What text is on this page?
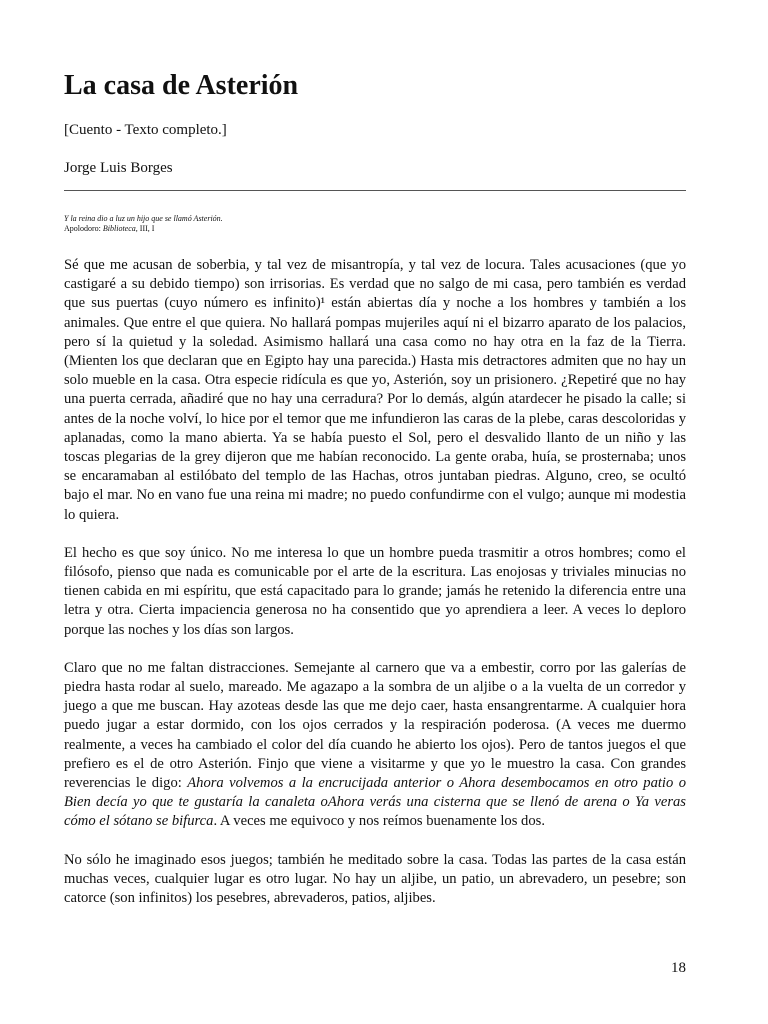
La casa de Asterión
[Cuento - Texto completo.]
Jorge Luis Borges
Y la reina dio a luz un hijo que se llamó Asterión.
Apolodoro: Biblioteca, III, I

Sé que me acusan de soberbia, y tal vez de misantropía, y tal vez de locura. Tales acusaciones (que yo castigaré a su debido tiempo) son irrisorias. Es verdad que no salgo de mi casa, pero también es verdad que sus puertas (cuyo número es infinito)¹ están abiertas día y noche a los hombres y también a los animales. Que entre el que quiera. No hallará pompas mujeriles aquí ni el bizarro aparato de los palacios, pero sí la quietud y la soledad. Asimismo hallará una casa como no hay otra en la faz de la Tierra. (Mienten los que declaran que en Egipto hay una parecida.) Hasta mis detractores admiten que no hay un solo mueble en la casa. Otra especie ridícula es que yo, Asterión, soy un prisionero. ¿Repetiré que no hay una puerta cerrada, añadiré que no hay una cerradura? Por lo demás, algún atardecer he pisado la calle; si antes de la noche volví, lo hice por el temor que me infundieron las caras de la plebe, caras descoloridas y aplanadas, como la mano abierta. Ya se había puesto el Sol, pero el desvalido llanto de un niño y las toscas plegarias de la grey dijeron que me habían reconocido. La gente oraba, huía, se prosternaba; unos se encaramaban al estilóbato del templo de las Hachas, otros juntaban piedras. Alguno, creo, se ocultó bajo el mar. No en vano fue una reina mi madre; no puedo confundirme con el vulgo; aunque mi modestia lo quiera.

El hecho es que soy único. No me interesa lo que un hombre pueda trasmitir a otros hombres; como el filósofo, pienso que nada es comunicable por el arte de la escritura. Las enojosas y triviales minucias no tienen cabida en mi espíritu, que está capacitado para lo grande; jamás he retenido la diferencia entre una letra y otra. Cierta impaciencia generosa no ha consentido que yo aprendiera a leer. A veces lo deploro porque las noches y los días son largos.

Claro que no me faltan distracciones. Semejante al carnero que va a embestir, corro por las galerías de piedra hasta rodar al suelo, mareado. Me agazapo a la sombra de un aljibe o a la vuelta de un corredor y juego a que me buscan. Hay azoteas desde las que me dejo caer, hasta ensangrentarme. A cualquier hora puedo jugar a estar dormido, con los ojos cerrados y la respiración poderosa. (A veces me duermo realmente, a veces ha cambiado el color del día cuando he abierto los ojos). Pero de tantos juegos el que prefiero es el de otro Asterión. Finjo que viene a visitarme y que yo le muestro la casa. Con grandes reverencias le digo: Ahora volvemos a la encrucijada anterior o Ahora desembocamos en otro patio o Bien decía yo que te gustaría la canaleta oAhora verás una cisterna que se llenó de arena o Ya veras cómo el sótano se bifurca. A veces me equivoco y nos reímos buenamente los dos.

No sólo he imaginado esos juegos; también he meditado sobre la casa. Todas las partes de la casa están muchas veces, cualquier lugar es otro lugar. No hay un aljibe, un patio, un abrevadero, un pesebre; son catorce (son infinitos) los pesebres, abrevaderos, patios, aljibes.

18
